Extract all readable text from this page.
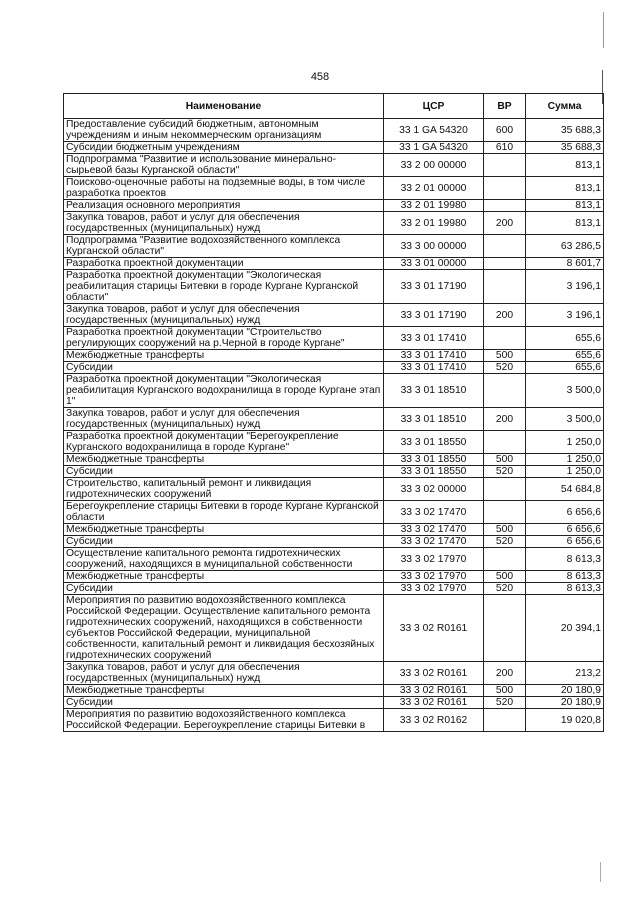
458
Наименование	ЦСР	ВР	Сумма
Предоставление субсидий бюджетным, автономным учреждениям и иным некоммерческим организациям	33 1 GA 54320	600	35 688,3
Субсидии бюджетным учреждениям	33 1 GA 54320	610	35 688,3
Подпрограмма "Развитие и использование минерально-сырьевой базы Курганской области"	33 2 00 00000		813,1
Поисково-оценочные работы на подземные воды, в том числе разработка проектов	33 2 01 00000		813,1
Реализация основного мероприятия	33 2 01 19980		813,1
Закупка товаров, работ и услуг для обеспечения государственных (муниципальных) нужд	33 2 01 19980	200	813,1
Подпрограмма "Развитие водохозяйственного комплекса Курганской области"	33 3 00 00000		63 286,5
Разработка проектной документации	33 3 01 00000		8 601,7
Разработка проектной документации "Экологическая реабилитация старицы Битевки в городе Кургане Курганской области"	33 3 01 17190		3 196,1
Закупка товаров, работ и услуг для обеспечения государственных (муниципальных) нужд	33 3 01 17190	200	3 196,1
Разработка проектной документации "Строительство регулирующих сооружений на р.Черной в городе Кургане"	33 3 01 17410		655,6
Межбюджетные трансферты	33 3 01 17410	500	655,6
Субсидии	33 3 01 17410	520	655,6
Разработка проектной документации "Экологическая реабилитация Курганского водохранилища в городе Кургане этап 1"	33 3 01 18510		3 500,0
Закупка товаров, работ и услуг для обеспечения государственных (муниципальных) нужд	33 3 01 18510	200	3 500,0
Разработка проектной документации "Берегоукрепление Курганского водохранилища в городе Кургане"	33 3 01 18550		1 250,0
Межбюджетные трансферты	33 3 01 18550	500	1 250,0
Субсидии	33 3 01 18550	520	1 250,0
Строительство, капитальный ремонт и ликвидация гидротехнических сооружений	33 3 02 00000		54 684,8
Берегоукрепление старицы Битевки в городе Кургане Курганской области	33 3 02 17470		6 656,6
Межбюджетные трансферты	33 3 02 17470	500	6 656,6
Субсидии	33 3 02 17470	520	6 656,6
Осуществление капитального ремонта гидротехнических сооружений, находящихся в муниципальной собственности	33 3 02 17970		8 613,3
Межбюджетные трансферты	33 3 02 17970	500	8 613,3
Субсидии	33 3 02 17970	520	8 613,3
Мероприятия по развитию водохозяйственного комплекса Российской Федерации. Осуществление капитального ремонта гидротехнических сооружений, находящихся в собственности субъектов Российской Федерации, муниципальной собственности, капитальный ремонт и ликвидация бесхозяйных гидротехнических сооружений	33 3 02 R0161		20 394,1
Закупка товаров, работ и услуг для обеспечения государственных (муниципальных) нужд	33 3 02 R0161	200	213,2
Межбюджетные трансферты	33 3 02 R0161	500	20 180,9
Субсидии	33 3 02 R0161	520	20 180,9
Мероприятия по развитию водохозяйственного комплекса Российской Федерации. Берегоукрепление старицы Битевки в	33 3 02 R0162		19 020,8
